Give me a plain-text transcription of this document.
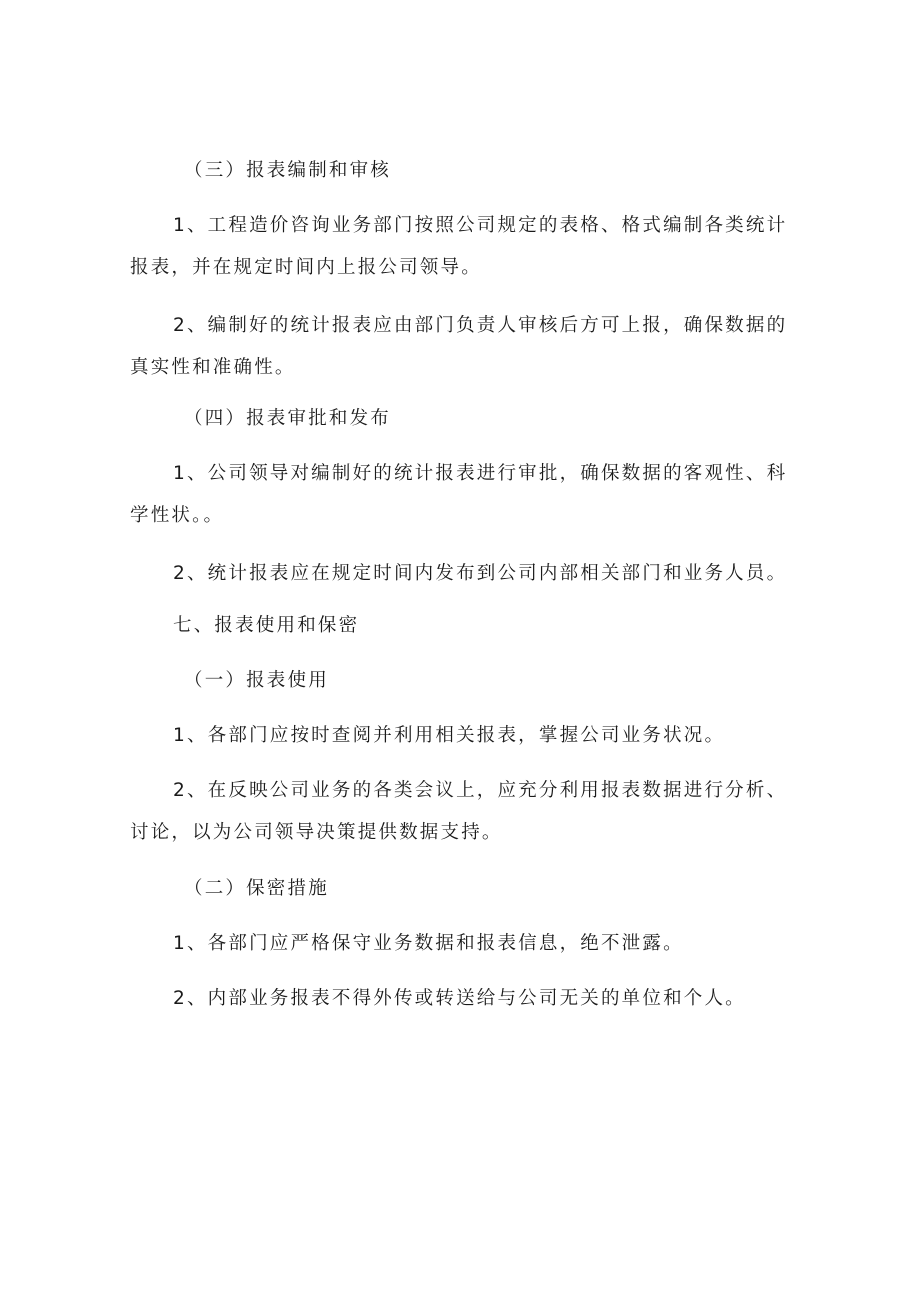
（三）报表编制和审核

1、工程造价咨询业务部门按照公司规定的表格、格式编制各类统计报表，并在规定时间内上报公司领导。

2、编制好的统计报表应由部门负责人审核后方可上报，确保数据的真实性和准确性。

（四）报表审批和发布

1、公司领导对编制好的统计报表进行审批，确保数据的客观性、科学性状。。

2、统计报表应在规定时间内发布到公司内部相关部门和业务人员。

七、报表使用和保密

（一）报表使用

1、各部门应按时查阅并利用相关报表，掌握公司业务状况。

2、在反映公司业务的各类会议上，应充分利用报表数据进行分析、讨论，以为公司领导决策提供数据支持。

（二）保密措施

1、各部门应严格保守业务数据和报表信息，绝不泄露。

2、内部业务报表不得外传或转送给与公司无关的单位和个人。
